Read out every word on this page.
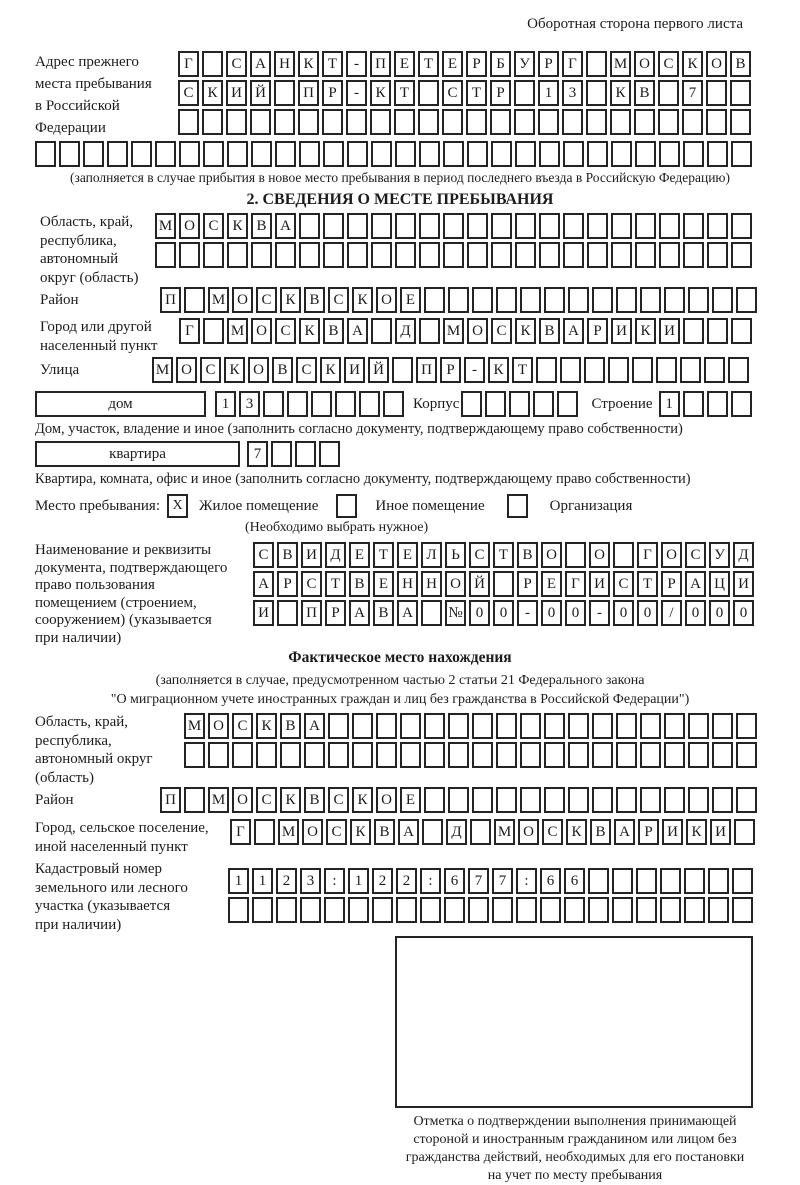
Оборотная сторона первого листа
Адрес прежнего
места пребывания
в Российской
Федерации
Г	С А Н К Т	-	П Е Т Е	Р	Б У Р	Г	М О С К О В
С К И Й	П Р	-	К Т	С Т	Р	1	3	К В	7
(заполняется в случае прибытия в новое место пребывания в период последнего въезда в Российскую Федерацию)
2. СВЕДЕНИЯ О МЕСТЕ ПРЕБЫВАНИЯ
Область, край,
республика,
автономный
округ (область)
М О С К В А
Район	П	М О С К В С К О Е
Город или другой
населенный пункт
Г	М О С К В А	Д	М О С К В А Р И К И
Улица	М О С К О В С К И Й	П Р	-	К Т
дом	1	3	Корпус	Строение 1
Дом, участок, владение и иное (заполнить согласно документу, подтверждающему право собственности)
квартира	7
Квартира, комната, офис и иное (заполнить согласно документу, подтверждающему право собственности)
Место пребывания: X	Жилое помещение	Иное помещение	Организация
(Необходимо выбрать нужное)
Наименование и реквизиты
документа, подтверждающего
право пользования
помещением (строением,
сооружением) (указывается
при наличии)
С В И Д Е Т Е Л Ь С Т В О	О	Г О С У Д
А Р С Т В Е Н Н О Й	Р	Е	Г И С Т	Р А Ц И
И	П Р А В А	№ 0	0	-	0	0	-	0	0	/	0	0	0
Фактическое место нахождения
(заполняется в случае, предусмотренном частью 2 статьи 21 Федерального закона
"О миграционном учете иностранных граждан и лиц без гражданства в Российской Федерации")
Область, край,
республика,
автономный округ
(область)
М О С К В А
Район	П	М О С К В С К О Е
Город, сельское поселение,
иной населенный пункт
Г	М О С К В А	Д	М О С К В А Р И К И
Кадастровый номер
земельного или лесного
участка (указывается
при наличии)
1	1	2	3	:	1	2	2	:	6	7	7	:	6	6
Отметка о подтверждении выполнения принимающей
стороной и иностранным гражданином или лицом без
гражданства действий, необходимых для его постановки
на учет по месту пребывания
